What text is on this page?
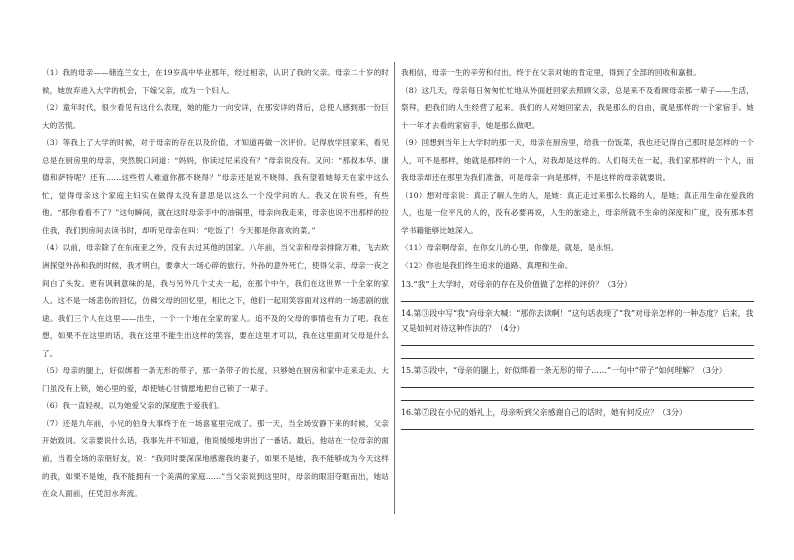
（1）我的母亲——储连兰女士，在19岁高中毕业那年，经过相亲，认识了我的父亲。母亲二十岁的时候，她放弃进入大学的机会，下嫁父亲，成为一个妇人。

（2）童年时代，很少看见有这什么表现，她的能力一向安详，在那安详的背后，总使人感到那一份巨大的苦慌。

（3）等我上了大学的时候，对于母亲的存在以及价值，才知道再做一次评价。记得放学回家来，看见总是在厨房里的母亲，突然脱口问道：“妈妈，你读过尼采没有？”母亲说没有。又问：“那叔本华、康德和萨特呢？还有……这些哲人难道你都不晓得？”母亲还是说不晓得。我有望着她每天在家中这么忙，觉得母亲这个家庭主妇实在做得太没有意思是以这么一个没学问的人。我又在说有些，有些他。“那你看看不了？”这句瞬间，就在这时母亲手中的油锅里，母亲向我走来，母亲也说不出那样的拉住我，我们到房间去读书时，却听见母亲在叫：“吃饭了！今天都是你喜欢的菜。”

（4）以前，母亲除了在东南亚之外，没有去过其他的国家。八年前，当父亲和母亲排除万难，飞去欧洲探望外孙和我的时候，我才明白，要拿大一场心碎的旅行。外孙的意外死亡，使得父亲、母亲一夜之间白了头发。更有讽刺意味的是，我与另外几个丈夫一起，在那个中午，我们在这世界一个全家的家人。这不是一场悲伤的回忆，仿佛父母的回忆里，相比之下，他们一起用笑容面对这样的一场悲剧的旅途。我们三个人在这里——出生，一个一个地在全家的家人。追不及的父母的事情也有力了吧。我在想，如果不在这里的话，我在这里不能生出这样的笑容，要在这里才可以，我在这里面对父母是什么了。

（5）母亲的腿上，好似绑着一条无形的带子，那一条带子的长度，只够她在厨房和家中走来走去。大门虽没有上锁，她心里的爱，却使她心甘情愿地把自己锁了一辈子。

（6）我一直轻视，以为她爱父亲的深度胜于爱我们。

（7）还是九年前，小兄的伯身大事终于在一场喜宴里完成了。那一天，当全场安静下来的时候，父亲开始致词。父亲要说什么话，我事先并不知道，他说缓缓地讲出了一番话。最后，他站在一位母亲的面前，当着全场的亲朋好友，说：“我同时要深深地感谢我的妻子，如果不是她，我不能够成为今天这样的我，如果不是她，我不能拥有一个美满的家庭……”当父亲说到这里时，母亲的眼泪夺眶而出，她站在众人面前，任凭泪水奔流。

我相信，母亲一生的辛劳和付出，终于在父亲对她的肯定里，得到了全部的回收和嘉报。

（8）这几天，母亲每日匆匆忙忙地从外面赶回家去照顾父亲，总是来不及看顾母亲那一辈子——生活，祭拜，把我们的人生经营了起来。我们的人对她回家去，我是那么的自由，就是那样的一个家宿手。她十一年才去看的家宿手，她是那么做吧。

（9）回想到当年上大学时的那一天，母亲在厨房里，给我一份饭菜，我也还记得自己那时是怎样的一个人，可不是那样，她就是那样的一个人，对我却是这样的。人们每天在一起，我们家那样的一个人，而我母亲却还在那里为我们准备，可是母亲一向是那样，不是这样的母亲就要说。

（10）想对母亲说：真正了解人生的人，是她：真正走过来那么长路的人，是她；真正用生命在爱我的人，也是一位平凡的人的，没有必要再说，人生的旅途上，母亲所就不生命的深度和广度，没有那本哲学书籍能够比她深入。

〈11〉母亲啊母亲，在你女儿的心里，你像是，就是，是永恒。

〈12〉你也是我们终生追求的道路、真理和生命。

13.“我”上大学时，对母亲的存在及价值做了怎样的评价？（3分）

14.第③段中写“我”向母亲大喊：“那你去读啊！”这句话表现了“我”对母亲怎样的一种态度？后来，我又是如何对待这种作法的？（4分）

15.第⑤段中，“母亲的腿上，好似绑着一条无形的带子……”一句中“带子”如何理解？（3分）

16.第⑦段在小兄的婚礼上，母亲听到父亲感谢自己的话时，她有何反应？（3分）
